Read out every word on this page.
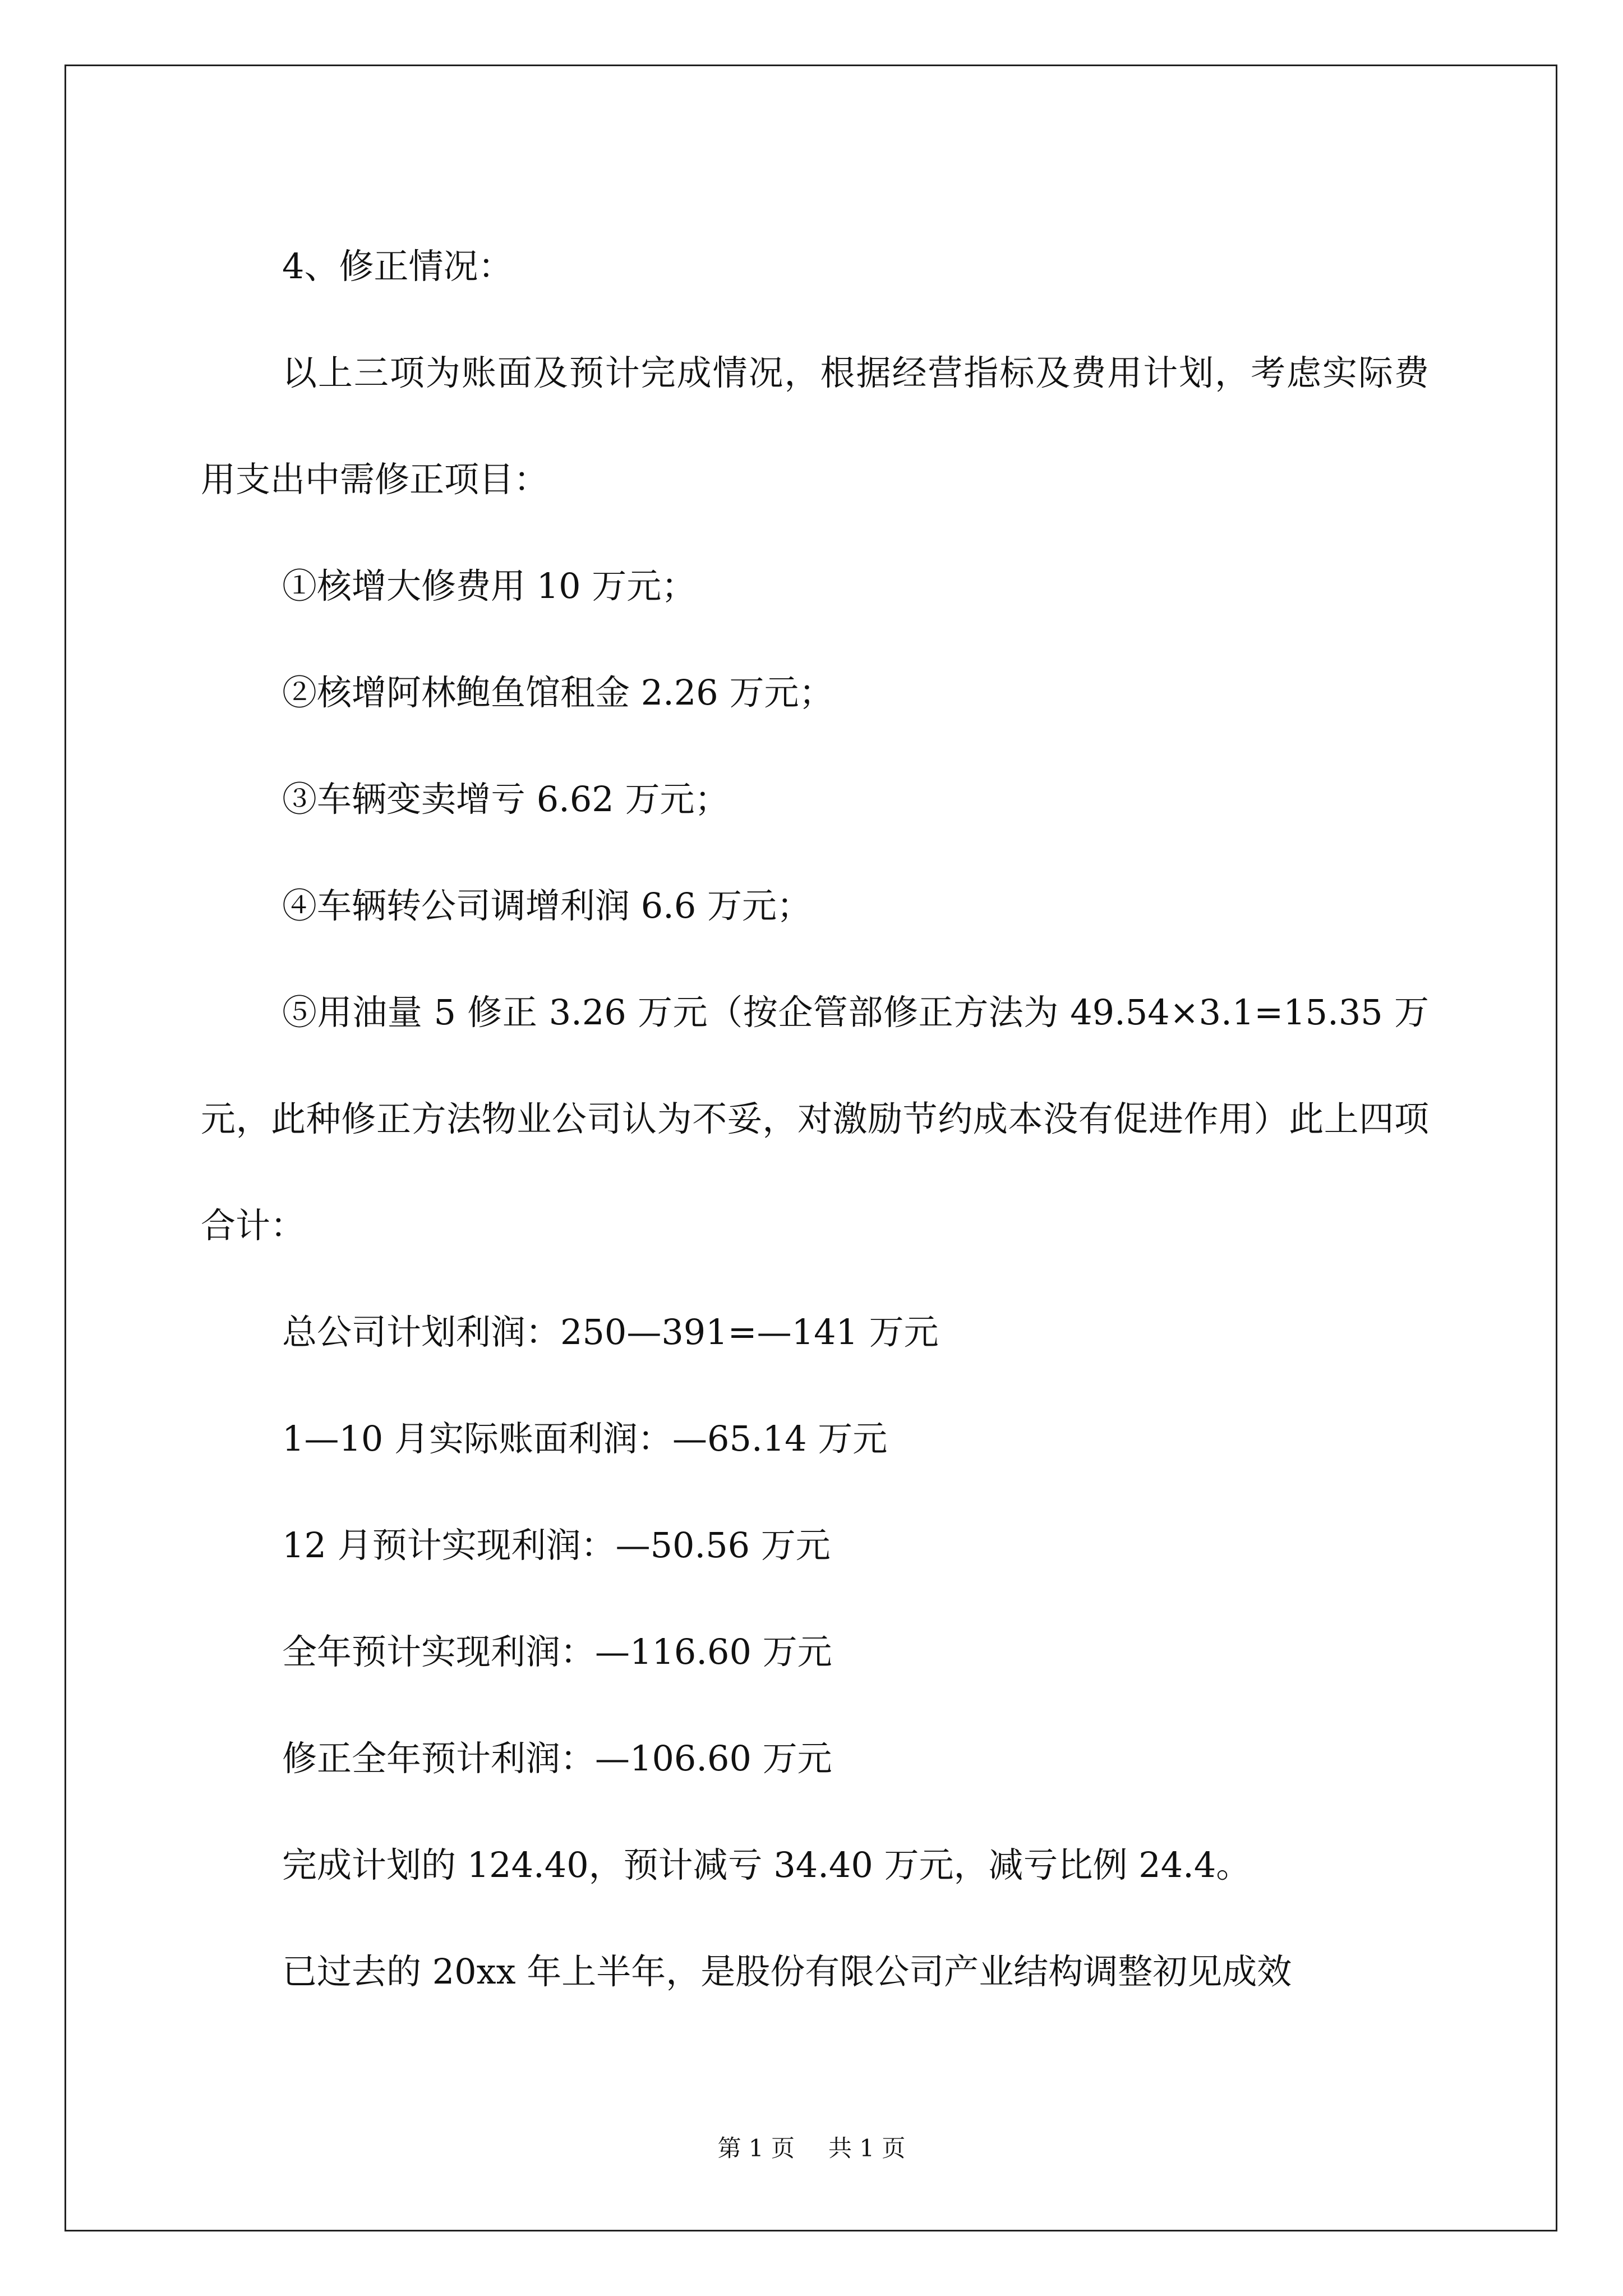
4、修正情况：

以上三项为账面及预计完成情况，根据经营指标及费用计划，考虑实际费用支出中需修正项目：

①核增大修费用 10 万元；

②核增阿林鲍鱼馆租金 2.26 万元；

③车辆变卖增亏 6.62 万元；

④车辆转公司调增利润 6.6 万元；

⑤用油量 5 修正 3.26 万元（按企管部修正方法为 49.54×3.1=15.35 万元，此种修正方法物业公司认为不妥，对激励节约成本没有促进作用）此上四项合计：

总公司计划利润：250—391=—141 万元

1—10 月实际账面利润：—65.14 万元

12 月预计实现利润：—50.56 万元

全年预计实现利润：—116.60 万元

修正全年预计利润：—106.60 万元

完成计划的 124.40，预计减亏 34.40 万元，减亏比例 24.4。

已过去的 20xx 年上半年，是股份有限公司产业结构调整初见成效

第 1 页 共 1 页
